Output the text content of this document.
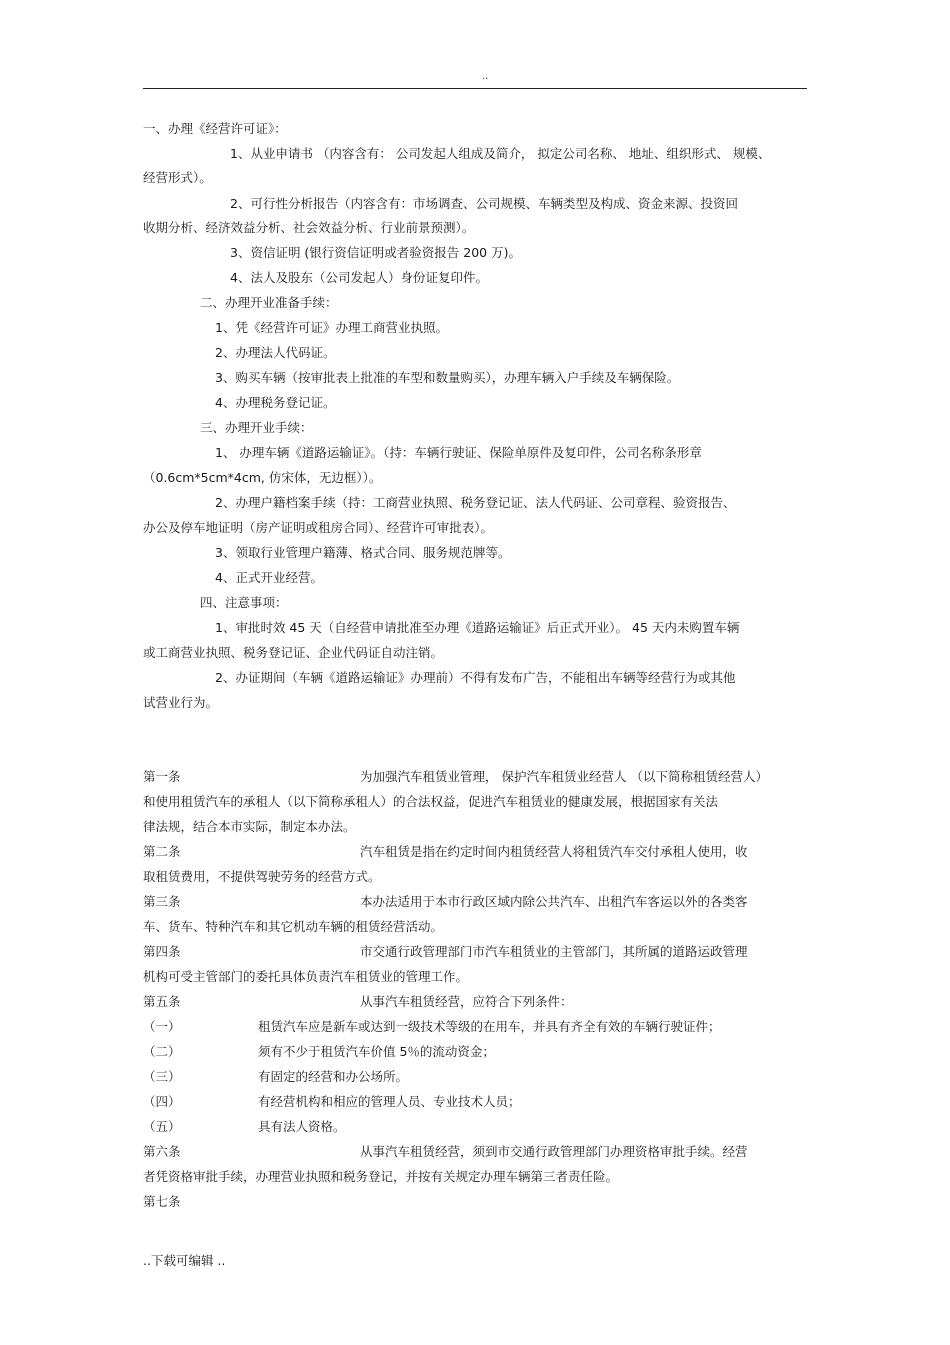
..
一、办理《经营许可证》：
1、从业申请书 （内容含有： 公司发起人组成及简介， 拟定公司名称、 地址、组织形式、 规模、
经营形式）。
2、可行性分析报告（内容含有：市场调查、公司规模、车辆类型及构成、资金来源、投资回
收期分析、经济效益分析、社会效益分析、行业前景预测）。
3、资信证明 (银行资信证明或者验资报告 200 万)。
4、法人及股东（公司发起人）身份证复印件。
二、办理开业准备手续：
1、凭《经营许可证》办理工商营业执照。
2、办理法人代码证。
3、购买车辆（按审批表上批准的车型和数量购买），办理车辆入户手续及车辆保险。
4、办理税务登记证。
三、办理开业手续：
1、 办理车辆《道路运输证》。（持：车辆行驶证、保险单原件及复印件，公司名称条形章
（0.6cm*5cm*4cm, 仿宋体，无边框））。
2、办理户籍档案手续（持：工商营业执照、税务登记证、法人代码证、公司章程、验资报告、
办公及停车地证明（房产证明或租房合同）、经营许可审批表）。
3、领取行业管理户籍薄、格式合同、服务规范牌等。
4、正式开业经营。
四、注意事项：
1、审批时效 45 天（自经营申请批准至办理《道路运输证》后正式开业）。 45 天内未购置车辆
或工商营业执照、税务登记证、企业代码证自动注销。
2、办证期间（车辆《道路运输证》办理前）不得有发布广告，不能租出车辆等经营行为或其他
试营业行为。
第一条	为加强汽车租赁业管理， 保护汽车租赁业经营人 （以下简称租赁经营人）
和使用租赁汽车的承租人（以下简称承租人）的合法权益，促进汽车租赁业的健康发展，根据国家有关法
律法规，结合本市实际，制定本办法。
第二条	汽车租赁是指在约定时间内租赁经营人将租赁汽车交付承租人使用，收
取租赁费用，不提供驾驶劳务的经营方式。
第三条	本办法适用于本市行政区域内除公共汽车、出租汽车客运以外的各类客
车、货车、特种汽车和其它机动车辆的租赁经营活动。
第四条	市交通行政管理部门市汽车租赁业的主管部门，其所属的道路运政管理
机构可受主管部门的委托具体负责汽车租赁业的管理工作。
第五条	从事汽车租赁经营，应符合下列条件：
（一）	租赁汽车应是新车或达到一级技术等级的在用车，并具有齐全有效的车辆行驶证件；
（二）	须有不少于租赁汽车价值 5％的流动资金；
（三）	有固定的经营和办公场所。
（四）	有经营机构和相应的管理人员、专业技术人员；
（五）	具有法人资格。
第六条	从事汽车租赁经营，须到市交通行政管理部门办理资格审批手续。经营
者凭资格审批手续，办理营业执照和税务登记，并按有关规定办理车辆第三者责任险。
第七条
..下载可编辑 ..
